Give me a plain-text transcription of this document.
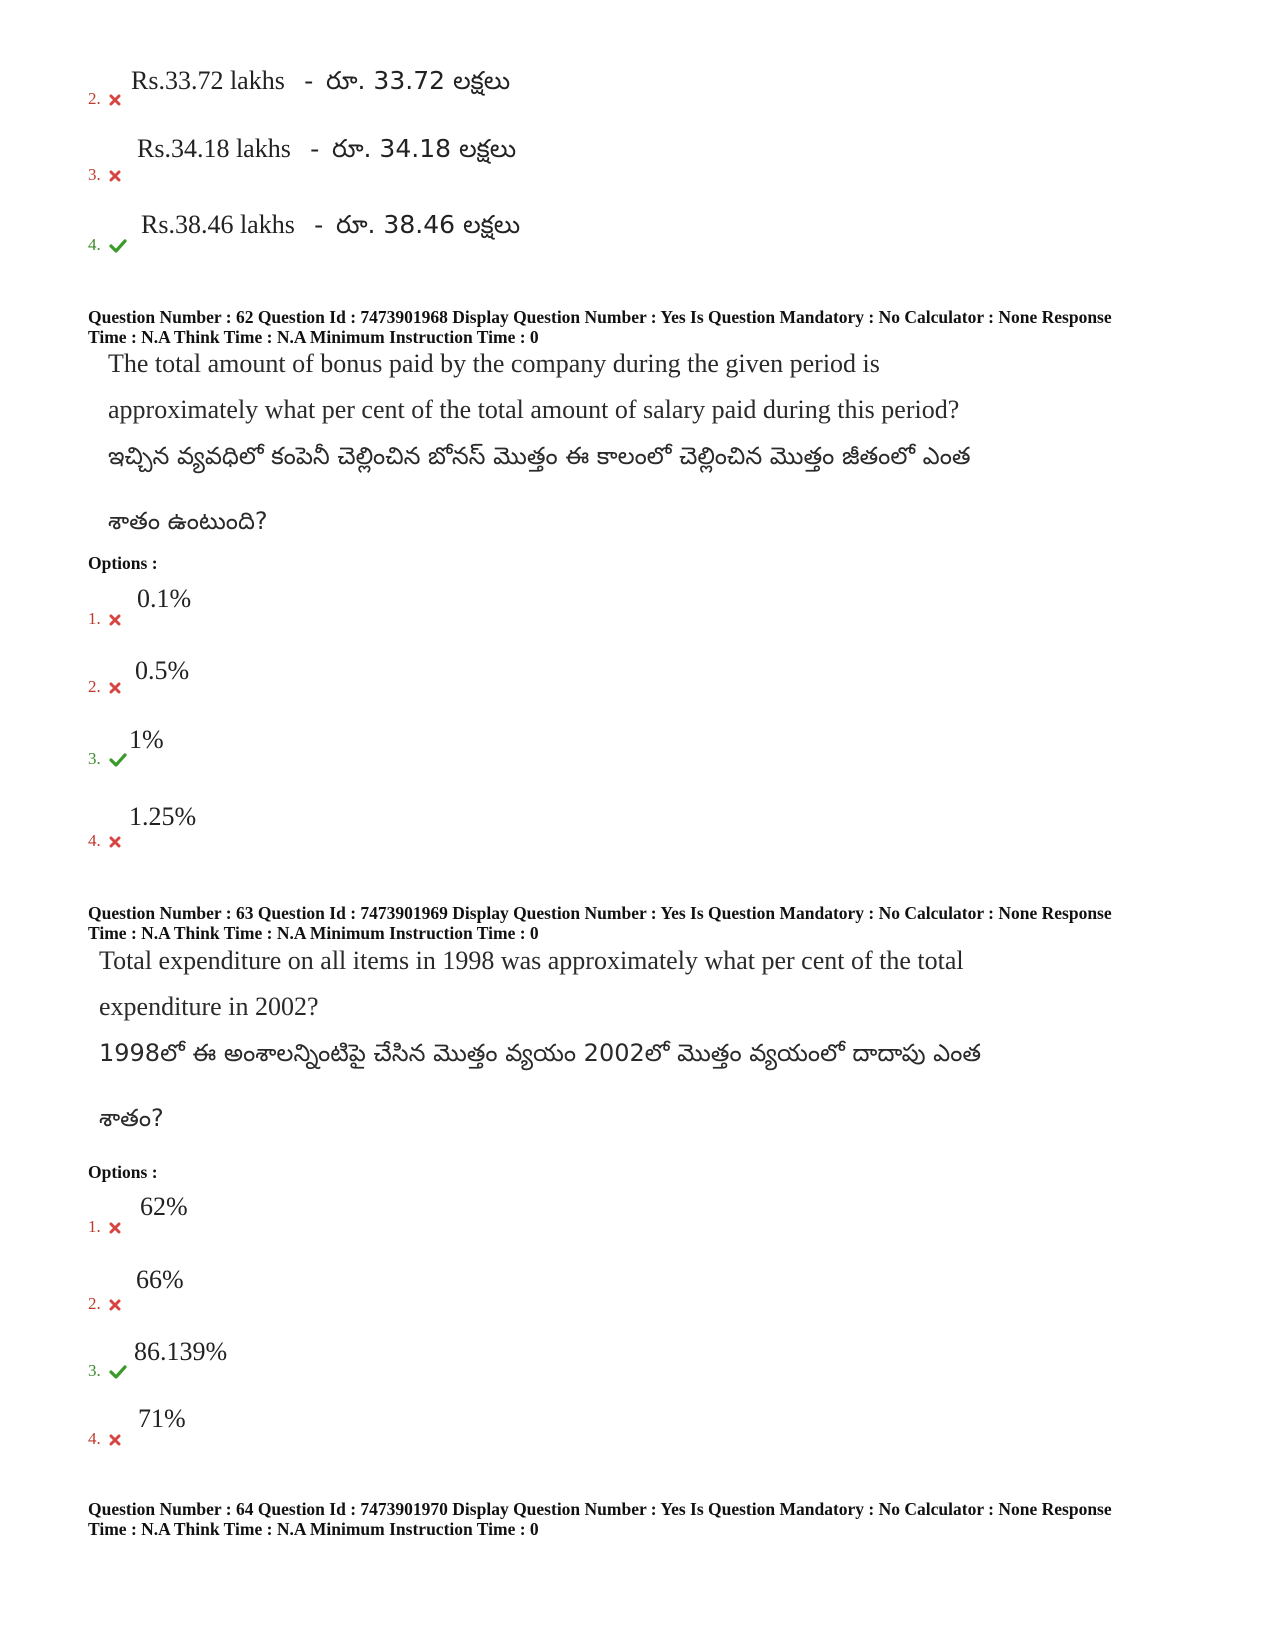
2.
Rs.33.72 lakhs - రూ. 33.72 లక్షలు
3.
Rs.34.18 lakhs - రూ. 34.18 లక్షలు
4.
Rs.38.46 lakhs - రూ. 38.46 లక్షలు
Question Number : 62 Question Id : 7473901968 Display Question Number : Yes Is Question Mandatory : No Calculator : None Response
Time : N.A Think Time : N.A Minimum Instruction Time : 0
The total amount of bonus paid by the company during the given period is
approximately what per cent of the total amount of salary paid during this period?
ఇచ్చిన వ్యవధిలో కంపెనీ చెల్లించిన బోనస్ మొత్తం ఈ కాలంలో చెల్లించిన మొత్తం జీతంలో ఎంత
శాతం ఉంటుంది?
Options :
1.
0.1%
2.
0.5%
3.
1%
4.
1.25%
Question Number : 63 Question Id : 7473901969 Display Question Number : Yes Is Question Mandatory : No Calculator : None Response
Time : N.A Think Time : N.A Minimum Instruction Time : 0
Total expenditure on all items in 1998 was approximately what per cent of the total
expenditure in 2002?
1998లో ఈ అంశాలన్నింటిపై చేసిన మొత్తం వ్యయం 2002లో మొత్తం వ్యయంలో దాదాపు ఎంత
శాతం?
Options :
1.
62%
2.
66%
3.
86.139%
4.
71%
Question Number : 64 Question Id : 7473901970 Display Question Number : Yes Is Question Mandatory : No Calculator : None Response
Time : N.A Think Time : N.A Minimum Instruction Time : 0
